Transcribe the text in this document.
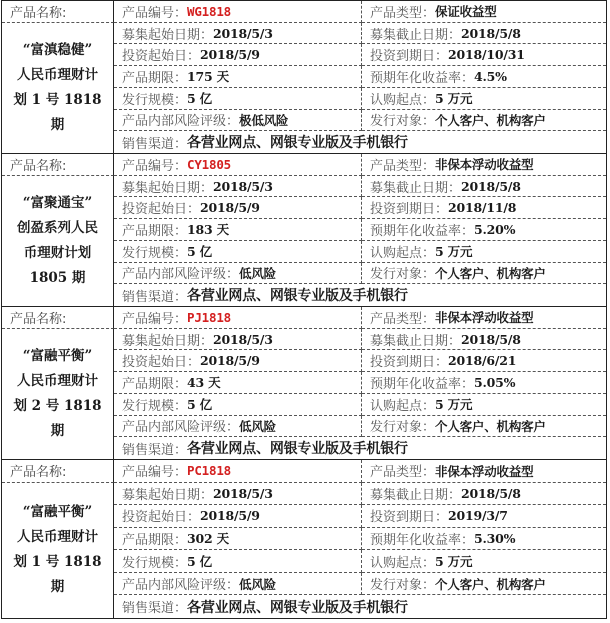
产品名称:
“富滇稳健”
人民币理财计
划 1 号 1818 期
产品编号： WG1818	产品类型： 保证收益型
募集起始日期： 2018/5/3	募集截止日期： 2018/5/8
投资起始日： 2018/5/9	投资到期日： 2018/10/31
产品期限： 175 天	预期年化收益率： 4.5%
发行规模： 5 亿	认购起点： 5 万元
产品内部风险评级： 极低风险	发行对象： 个人客户、机构客户
销售渠道： 各营业网点、网银专业版及手机银行
产品名称:
“富聚通宝”
创盈系列人民
币理财计划
1805 期
产品编号： CY1805	产品类型： 非保本浮动收益型
募集起始日期： 2018/5/3	募集截止日期： 2018/5/8
投资起始日： 2018/5/9	投资到期日： 2018/11/8
产品期限： 183 天	预期年化收益率： 5.20%
发行规模： 5 亿	认购起点： 5 万元
产品内部风险评级： 低风险	发行对象： 个人客户、机构客户
销售渠道： 各营业网点、网银专业版及手机银行
产品名称:
“富融平衡”
人民币理财计
划 2 号 1818 期
产品编号： PJ1818	产品类型： 非保本浮动收益型
募集起始日期： 2018/5/3	募集截止日期： 2018/5/8
投资起始日： 2018/5/9	投资到期日： 2018/6/21
产品期限： 43 天	预期年化收益率： 5.05%
发行规模： 5 亿	认购起点： 5 万元
产品内部风险评级： 低风险	发行对象： 个人客户、机构客户
销售渠道： 各营业网点、网银专业版及手机银行
产品名称:
“富融平衡”
人民币理财计
划 1 号 1818 期
产品编号： PC1818	产品类型： 非保本浮动收益型
募集起始日期： 2018/5/3	募集截止日期： 2018/5/8
投资起始日： 2018/5/9	投资到期日： 2019/3/7
产品期限： 302 天	预期年化收益率： 5.30%
发行规模： 5 亿	认购起点： 5 万元
产品内部风险评级： 低风险	发行对象： 个人客户、机构客户
销售渠道： 各营业网点、网银专业版及手机银行
